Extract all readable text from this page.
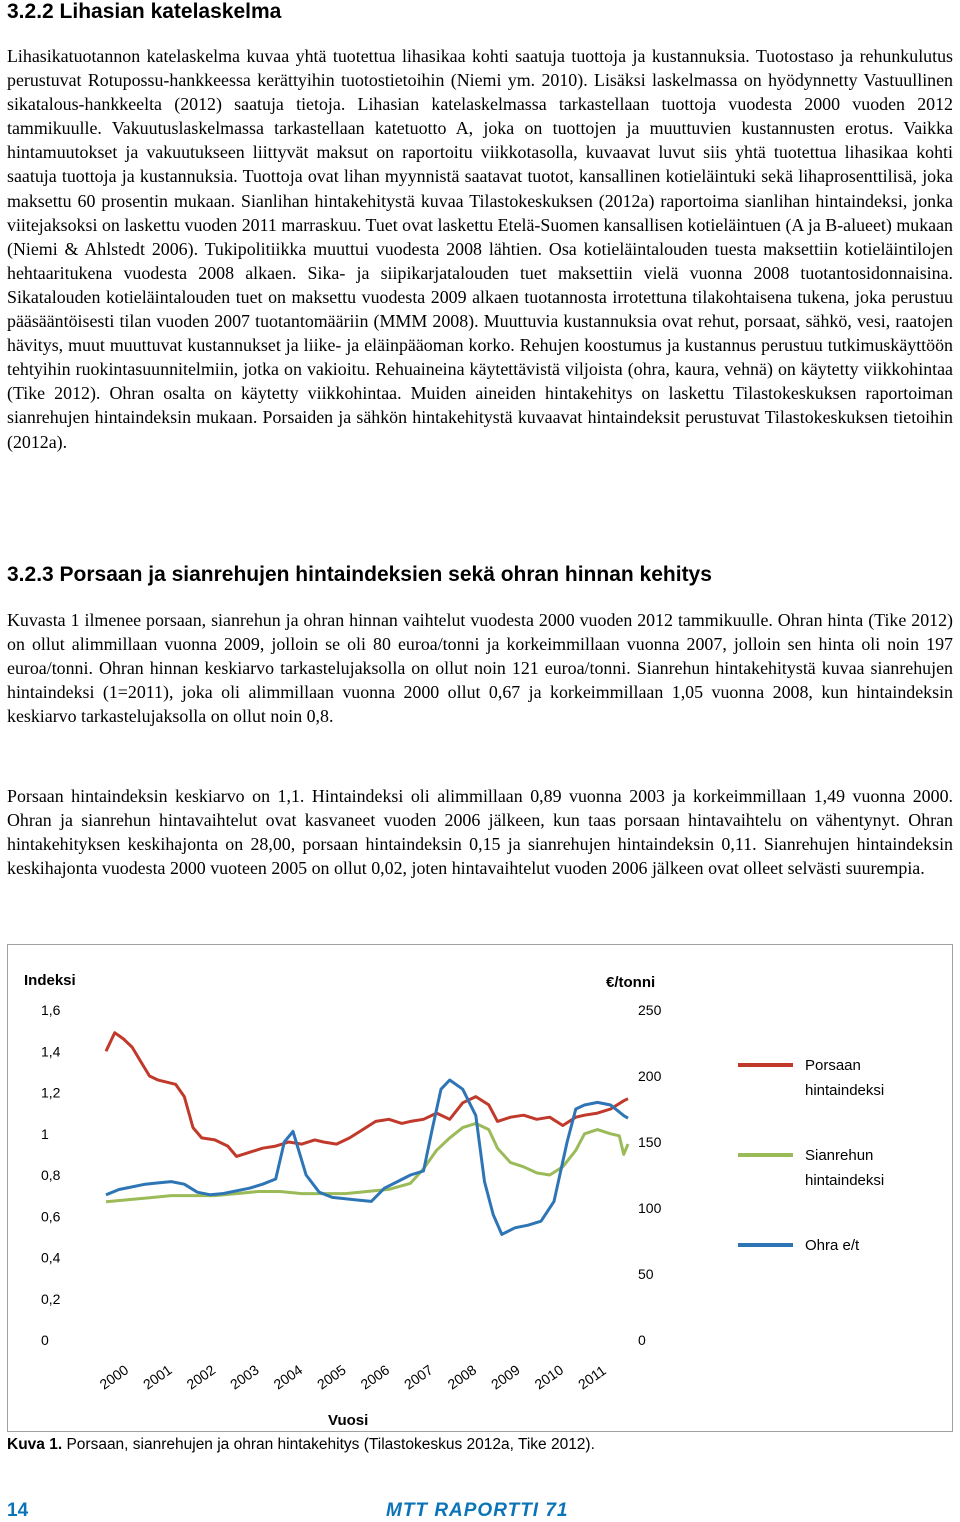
3.2.2 Lihasian katelaskelma

Lihasikatuotannon katelaskelma kuvaa yhtä tuotettua lihasikaa kohti saatuja tuottoja ja kustannuksia. Tuotostaso ja rehunkulutus perustuvat Rotupossu-hankkeessa kerättyihin tuotostietoihin (Niemi ym. 2010). Lisäksi laskelmassa on hyödynnetty Vastuullinen sikatalous-hankkeelta (2012) saatuja tietoja. Lihasian katelaskelmassa tarkastellaan tuottoja vuodesta 2000 vuoden 2012 tammikuulle. Vakuutuslaskelmassa tarkastellaan katetuotto A, joka on tuottojen ja muuttuvien kustannusten erotus. Vaikka hintamuutokset ja vakuutukseen liittyvät maksut on raportoitu viikkotasolla, kuvaavat luvut siis yhtä tuotettua lihasikaa kohti saatuja tuottoja ja kustannuksia. Tuottoja ovat lihan myynnistä saatavat tuotot, kansallinen kotieläintuki sekä lihaprosenttilisä, joka maksettu 60 prosentin mukaan. Sianlihan hintakehitystä kuvaa Tilastokeskuksen (2012a) raportoima sianlihan hintaindeksi, jonka viitejaksoksi on laskettu vuoden 2011 marraskuu. Tuet ovat laskettu Etelä-Suomen kansallisen kotieläintuen (A ja B-alueet) mukaan (Niemi & Ahlstedt 2006). Tukipolitiikka muuttui vuodesta 2008 lähtien. Osa kotieläintalouden tuesta maksettiin kotieläintilojen hehtaaritukena vuodesta 2008 alkaen. Sika- ja siipikarjatalouden tuet maksettiin vielä vuonna 2008 tuotantosidonnaisina. Sikatalouden kotieläintalouden tuet on maksettu vuodesta 2009 alkaen tuotannosta irrotettuna tilakohtaisena tukena, joka perustuu pääsääntöisesti tilan vuoden 2007 tuotantomääriin (MMM 2008). Muuttuvia kustannuksia ovat rehut, porsaat, sähkö, vesi, raatojen hävitys, muut muuttuvat kustannukset ja liike- ja eläinpääoman korko. Rehujen koostumus ja kustannus perustuu tutkimuskäyttöön tehtyihin ruokintasuunnitelmiin, jotka on vakioitu. Rehuaineina käytettävistä viljoista (ohra, kaura, vehnä) on käytetty viikkohintaa (Tike 2012). Ohran osalta on käytetty viikkohintaa. Muiden aineiden hintakehitys on laskettu Tilastokeskuksen raportoiman sianrehujen hintaindeksin mukaan. Porsaiden ja sähkön hintakehitystä kuvaavat hintaindeksit perustuvat Tilastokeskuksen tietoihin (2012a).

3.2.3 Porsaan ja sianrehujen hintaindeksien sekä ohran hinnan kehitys

Kuvasta 1 ilmenee porsaan, sianrehun ja ohran hinnan vaihtelut vuodesta 2000 vuoden 2012 tammikuulle. Ohran hinta (Tike 2012) on ollut alimmillaan vuonna 2009, jolloin se oli 80 euroa/tonni ja korkeimmillaan vuonna 2007, jolloin sen hinta oli noin 197 euroa/tonni. Ohran hinnan keskiarvo tarkastelujaksolla on ollut noin 121 euroa/tonni. Sianrehun hintakehitystä kuvaa sianrehujen hintaindeksi (1=2011), joka oli alimmillaan vuonna 2000 ollut 0,67 ja korkeimmillaan 1,05 vuonna 2008, kun hintaindeksin keskiarvo tarkastelujaksolla on ollut noin 0,8.

Porsaan hintaindeksin keskiarvo on 1,1. Hintaindeksi oli alimmillaan 0,89 vuonna 2003 ja korkeimmillaan 1,49 vuonna 2000. Ohran ja sianrehun hintavaihtelut ovat kasvaneet vuoden 2006 jälkeen, kun taas porsaan hintavaihtelu on vähentynyt. Ohran hintakehityksen keskihajonta on 28,00, porsaan hintaindeksin 0,15 ja sianrehujen hintaindeksin 0,11. Sianrehujen hintaindeksin keskihajonta vuodesta 2000 vuoteen 2005 on ollut 0,02, joten hintavaihtelut vuoden 2006 jälkeen ovat olleet selvästi suurempia.

Indeksi	€/tonni
0
0,2
0,4
0,6
0,8
1
1,2
1,4
1,6
0
50
100
150
200
250
2000 2001 2002 2003 2004 2005 2006 2007 2008 2009 2010 2011
Vuosi
Porsaan
hintaindeksi
Sianrehun
hintaindeksi
Ohra e/t
Kuva 1. Porsaan, sianrehujen ja ohran hintakehitys (Tilastokeskus 2012a, Tike 2012).
14	MTT RAPORTTI 71
